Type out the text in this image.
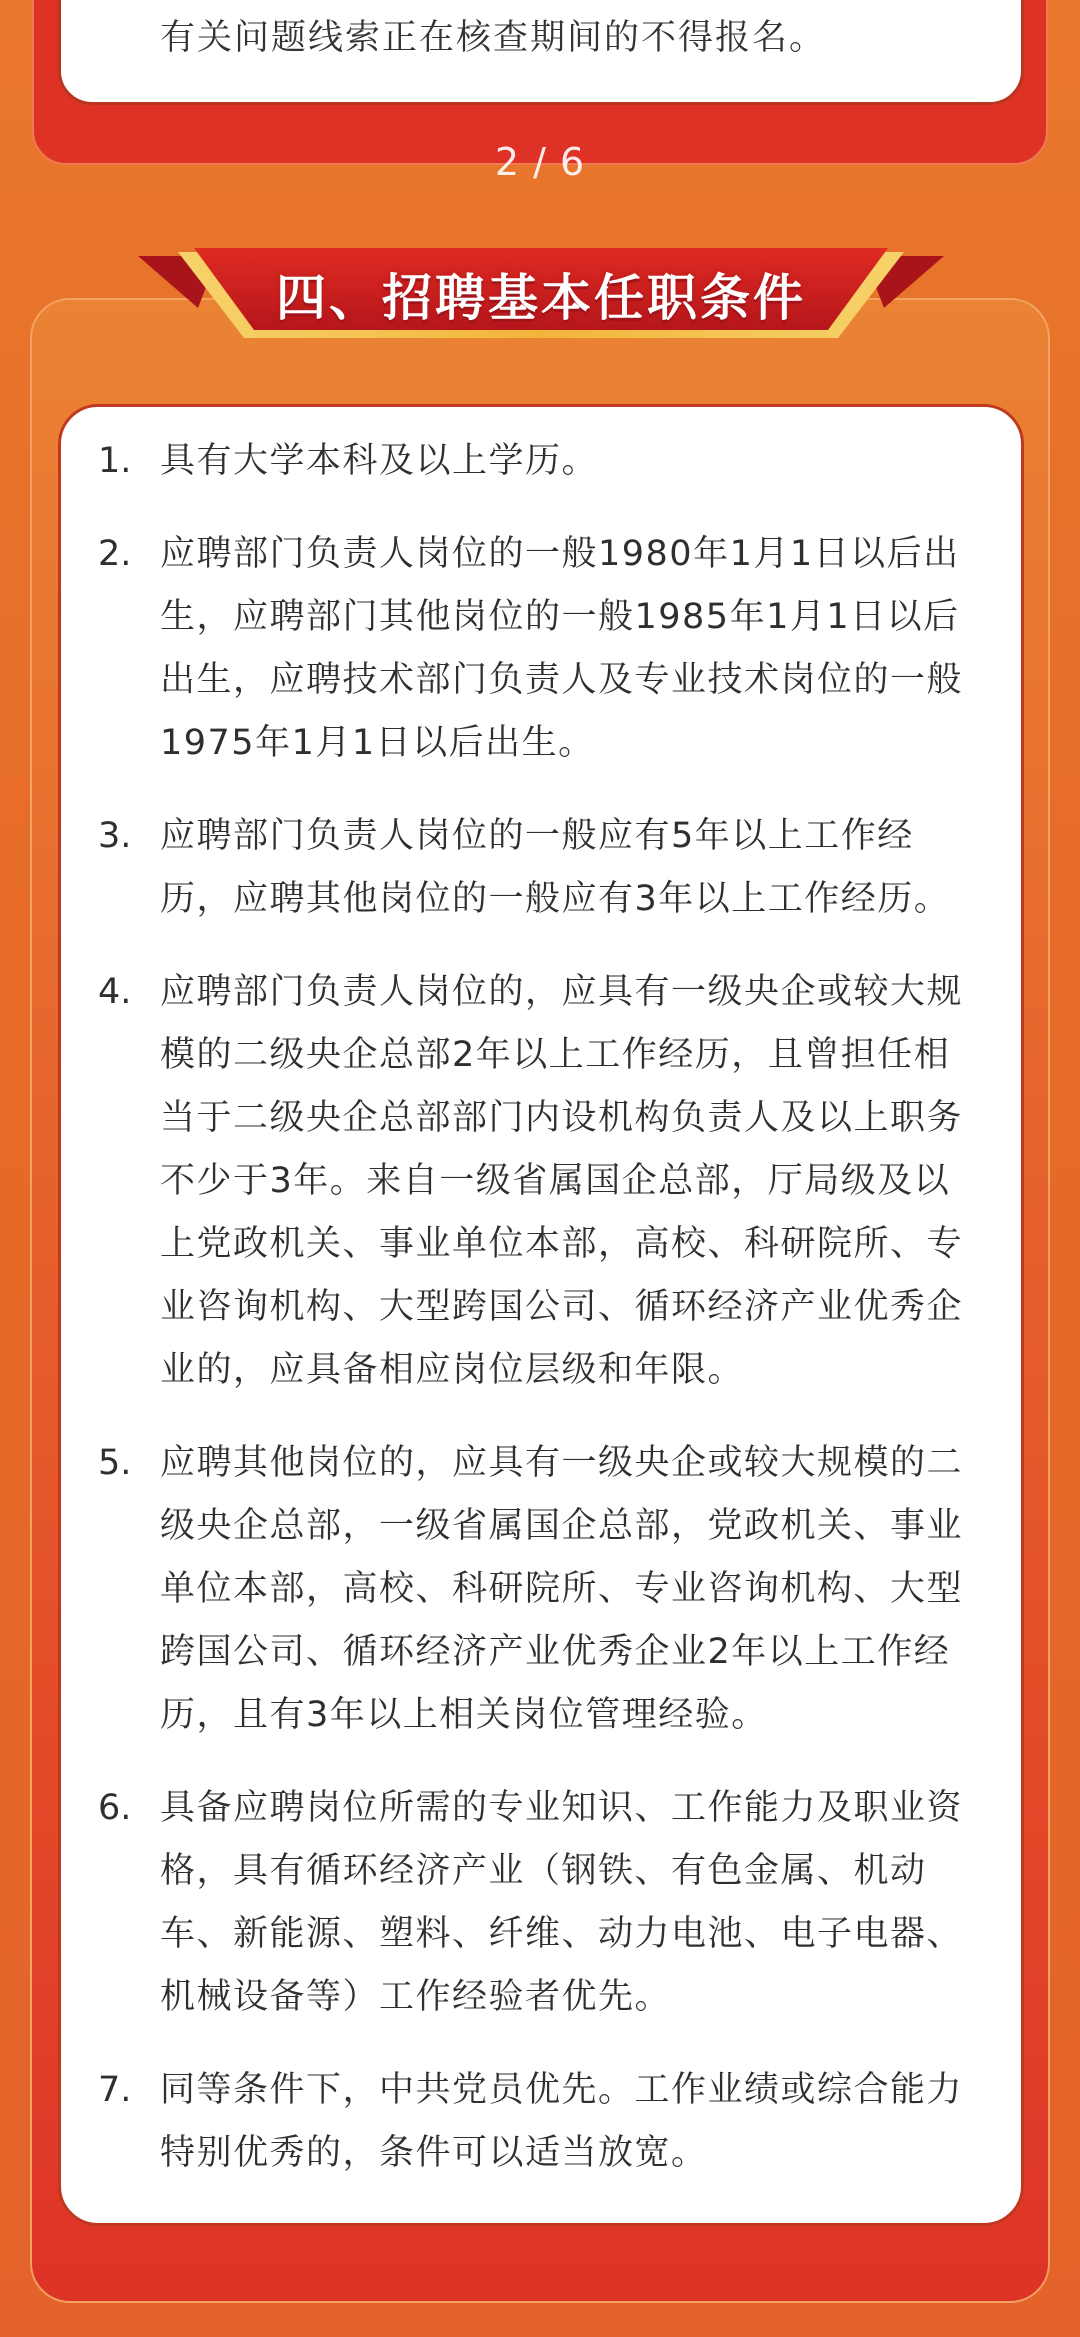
有关问题线索正在核查期间的不得报名。
2 / 6
四、招聘基本任职条件
1. 具有大学本科及以上学历。
2. 应聘部门负责人岗位的一般1980年1月1日以后出生，应聘部门其他岗位的一般1985年1月1日以后出生，应聘技术部门负责人及专业技术岗位的一般1975年1月1日以后出生。
3. 应聘部门负责人岗位的一般应有5年以上工作经历，应聘其他岗位的一般应有3年以上工作经历。
4. 应聘部门负责人岗位的，应具有一级央企或较大规模的二级央企总部2年以上工作经历，且曾担任相当于二级央企总部部门内设机构负责人及以上职务不少于3年。来自一级省属国企总部，厅局级及以上党政机关、事业单位本部，高校、科研院所、专业咨询机构、大型跨国公司、循环经济产业优秀企业的，应具备相应岗位层级和年限。
5. 应聘其他岗位的，应具有一级央企或较大规模的二级央企总部，一级省属国企总部，党政机关、事业单位本部，高校、科研院所、专业咨询机构、大型跨国公司、循环经济产业优秀企业2年以上工作经历，且有3年以上相关岗位管理经验。
6. 具备应聘岗位所需的专业知识、工作能力及职业资格，具有循环经济产业（钢铁、有色金属、机动车、新能源、塑料、纤维、动力电池、电子电器、机械设备等）工作经验者优先。
7. 同等条件下，中共党员优先。工作业绩或综合能力特别优秀的，条件可以适当放宽。
